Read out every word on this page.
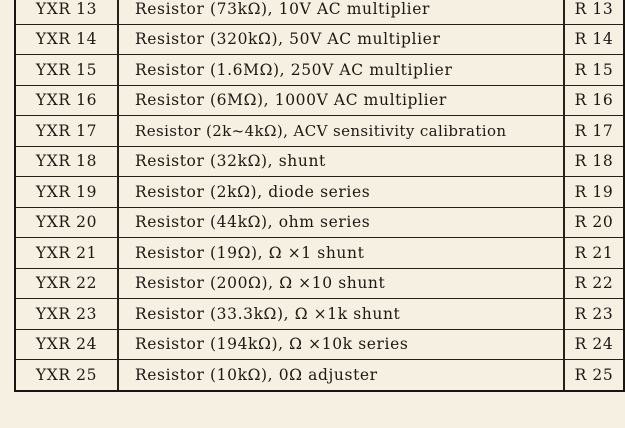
YXR 13	Resistor (73kΩ), 10V AC multiplier	R 13
YXR 14	Resistor (320kΩ), 50V AC multiplier	R 14
YXR 15	Resistor (1.6MΩ), 250V AC multiplier	R 15
YXR 16	Resistor (6MΩ), 1000V AC multiplier	R 16
YXR 17	Resistor (2k~4kΩ), ACV sensitivity calibration	R 17
YXR 18	Resistor (32kΩ), shunt	R 18
YXR 19	Resistor (2kΩ), diode series	R 19
YXR 20	Resistor (44kΩ), ohm series	R 20
YXR 21	Resistor (19Ω), Ω ×1 shunt	R 21
YXR 22	Resistor (200Ω), Ω ×10 shunt	R 22
YXR 23	Resistor (33.3kΩ), Ω ×1k shunt	R 23
YXR 24	Resistor (194kΩ), Ω ×10k series	R 24
YXR 25	Resistor (10kΩ), 0Ω adjuster	R 25
